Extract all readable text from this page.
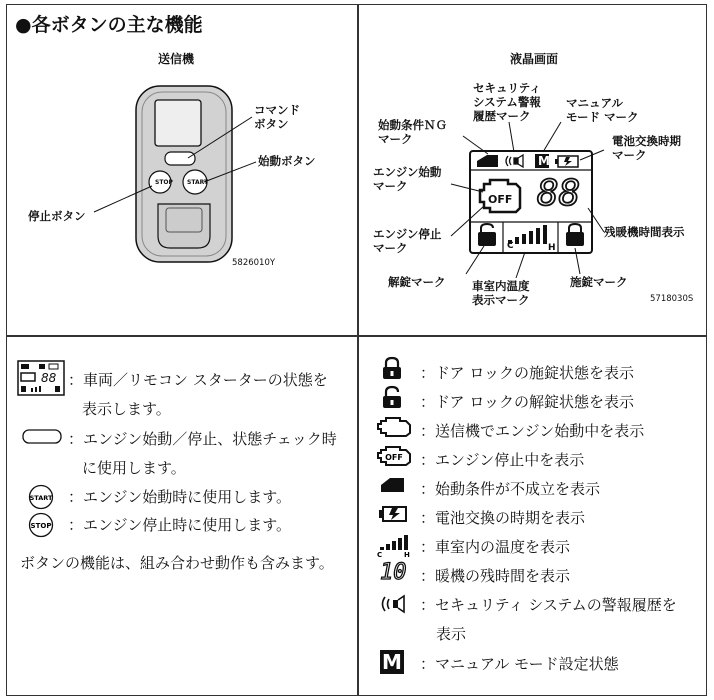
●各ボタンの主な機能
送信機
STOP START
コマンド
ボタン
始動ボタン
停止ボタン
5826010Y
液晶画面
OFF 88
M
C	H
セキュリティ
システム警報
履歴マーク
マニュアル
モード マーク
始動条件ＮＧ
マーク	電池交換時期
マーク
エンジン始動
マーク
エンジン停止
マーク
残暖機時間表示
解錠マーク 車室内温度
表示マーク
施錠マーク
5718030S
88 ：車両／リモコン スターターの状態を
表示します。
：エンジン始動／停止、状態チェック時
に使用します。
START ：エンジン始動時に使用します。
STOP ：エンジン停止時に使用します。
ボタンの機能は、組み合わせ動作も含みます。
：ドア ロックの施錠状態を表示
：ドア ロックの解錠状態を表示
：送信機でエンジン始動中を表示
OFF ：エンジン停止中を表示
：始動条件が不成立を表示
：電池交換の時期を表示
C	H ：車室内の温度を表示
10 ：暖機の残時間を表示
：セキュリティ システムの警報履歴を
表示
M ：マニュアル モード設定状態
